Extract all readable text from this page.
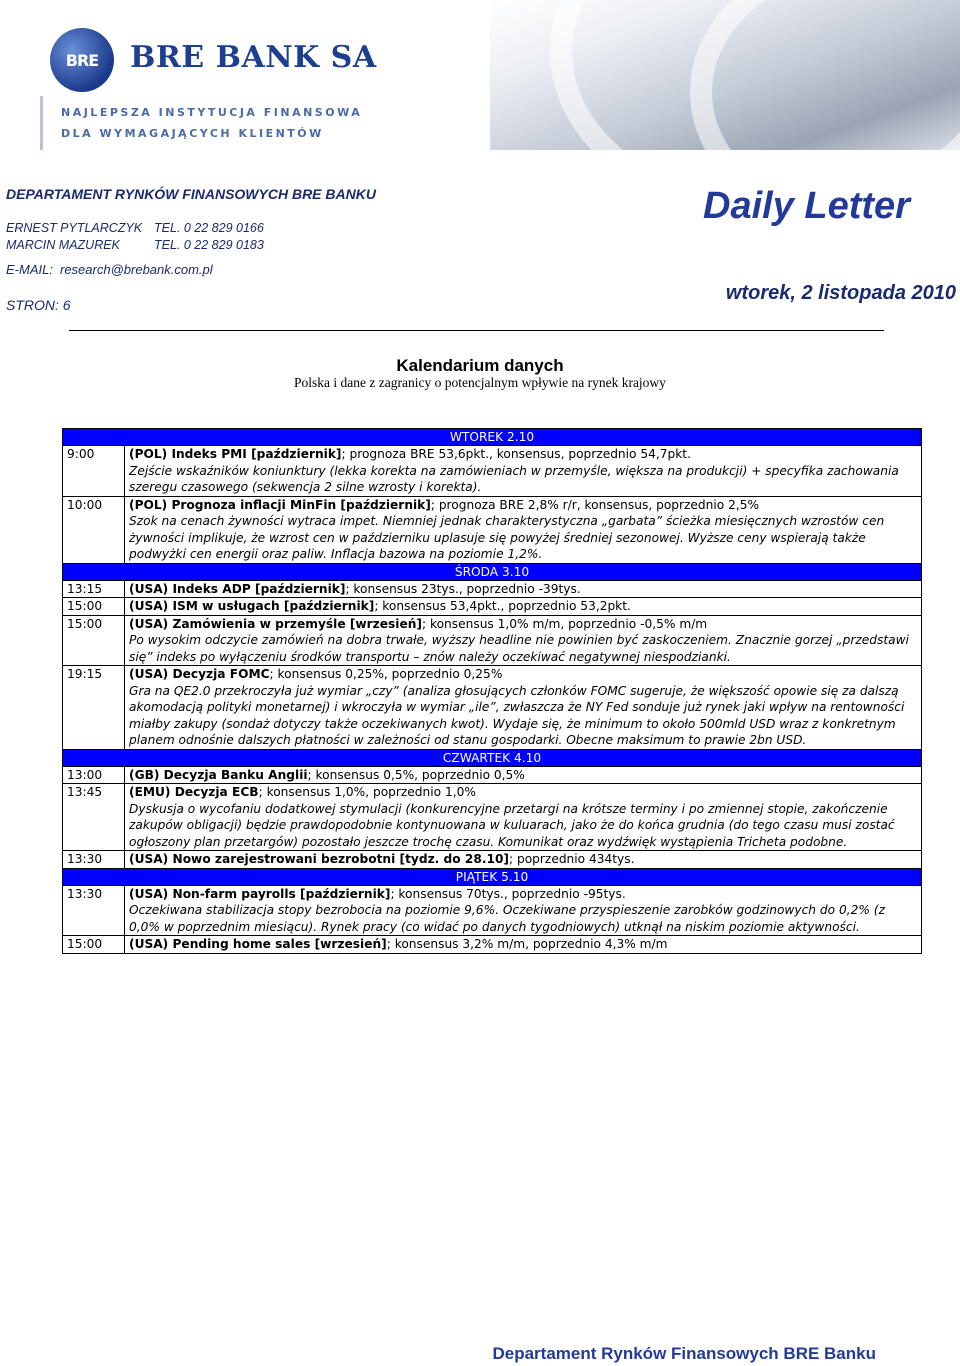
BRE	BRE BANK SA
NAJLEPSZA INSTYTUCJA FINANSOWA
DLA WYMAGAJĄCYCH KLIENTÓW
DEPARTAMENT RYNKÓW FINANSOWYCH BRE BANKU
ERNEST PYTLARCZYK TEL. 0 22 829 0166
MARCIN MAZUREK	TEL. 0 22 829 0183
E-MAIL: research@brebank.com.pl
STRON: 6
Daily Letter
wtorek, 2 listopada 2010
Kalendarium danych
Polska i dane z zagranicy o potencjalnym wpływie na rynek krajowy
WTOREK 2.10	
9:00	(POL) Indeks PMI [październik]; prognoza BRE 53,6pkt., konsensus, poprzednio 54,7pkt.
Zejście wskaźników koniunktury (lekka korekta na zamówieniach w przemyśle, większa na produkcji) + specyfika zachowania szeregu czasowego (sekwencja 2 silne wzrosty i korekta).

10:00	(POL) Prognoza inflacji MinFin [październik]; prognoza BRE 2,8% r/r, konsensus, poprzednio 2,5%
Szok na cenach żywności wytraca impet. Niemniej jednak charakterystyczna „garbata” ścieżka miesięcznych wzrostów cen żywności implikuje, że wzrost cen w październiku uplasuje się powyżej średniej sezonowej. Wyższe ceny wspierają także podwyżki cen energii oraz paliw. Inflacja bazowa na poziomie 1,2%.

ŚRODA 3.10	
13:15	(USA) Indeks ADP [październik]; konsensus 23tys., poprzednio -39tys.
15:00	(USA) ISM w usługach [październik]; konsensus 53,4pkt., poprzednio 53,2pkt.
15:00	(USA) Zamówienia w przemyśle [wrzesień]; konsensus 1,0% m/m, poprzednio -0,5% m/m
Po wysokim odczycie zamówień na dobra trwałe, wyższy headline nie powinien być zaskoczeniem. Znacznie gorzej „przedstawi się” indeks po wyłączeniu środków transportu – znów należy oczekiwać negatywnej niespodzianki.

19:15	(USA) Decyzja FOMC; konsensus 0,25%, poprzednio 0,25%
Gra na QE2.0 przekroczyła już wymiar „czy” (analiza głosujących członków FOMC sugeruje, że większość opowie się za dalszą akomodacją polityki monetarnej) i wkroczyła w wymiar „ile”, zwłaszcza że NY Fed sonduje już rynek jaki wpływ na rentowności miałby zakupy (sondaż dotyczy także oczekiwanych kwot). Wydaje się, że minimum to około 500mld USD wraz z konkretnym planem odnośnie dalszych płatności w zależności od stanu gospodarki. Obecne maksimum to prawie 2bn USD.

CZWARTEK 4.10	
13:00	(GB) Decyzja Banku Anglii; konsensus 0,5%, poprzednio 0,5%
13:45	(EMU) Decyzja ECB; konsensus 1,0%, poprzednio 1,0%
Dyskusja o wycofaniu dodatkowej stymulacji (konkurencyjne przetargi na krótsze terminy i po zmiennej stopie, zakończenie zakupów obligacji) będzie prawdopodobnie kontynuowana w kuluarach, jako że do końca grudnia (do tego czasu musi zostać ogłoszony plan przetargów) pozostało jeszcze trochę czasu. Komunikat oraz wydźwięk wystąpienia Tricheta podobne.

13:30	(USA) Nowo zarejestrowani bezrobotni [tydz. do 28.10]; poprzednio 434tys.
PIĄTEK 5.10	
13:30	(USA) Non-farm payrolls [październik]; konsensus 70tys., poprzednio -95tys.
Oczekiwana stabilizacja stopy bezrobocia na poziomie 9,6%. Oczekiwane przyspieszenie zarobków godzinowych do 0,2% (z 0,0% w poprzednim miesiącu). Rynek pracy (co widać po danych tygodniowych) utknął na niskim poziomie aktywności.

15:00	(USA) Pending home sales [wrzesień]; konsensus 3,2% m/m, poprzednio 4,3% m/m
Departament Rynków Finansowych BRE Banku
